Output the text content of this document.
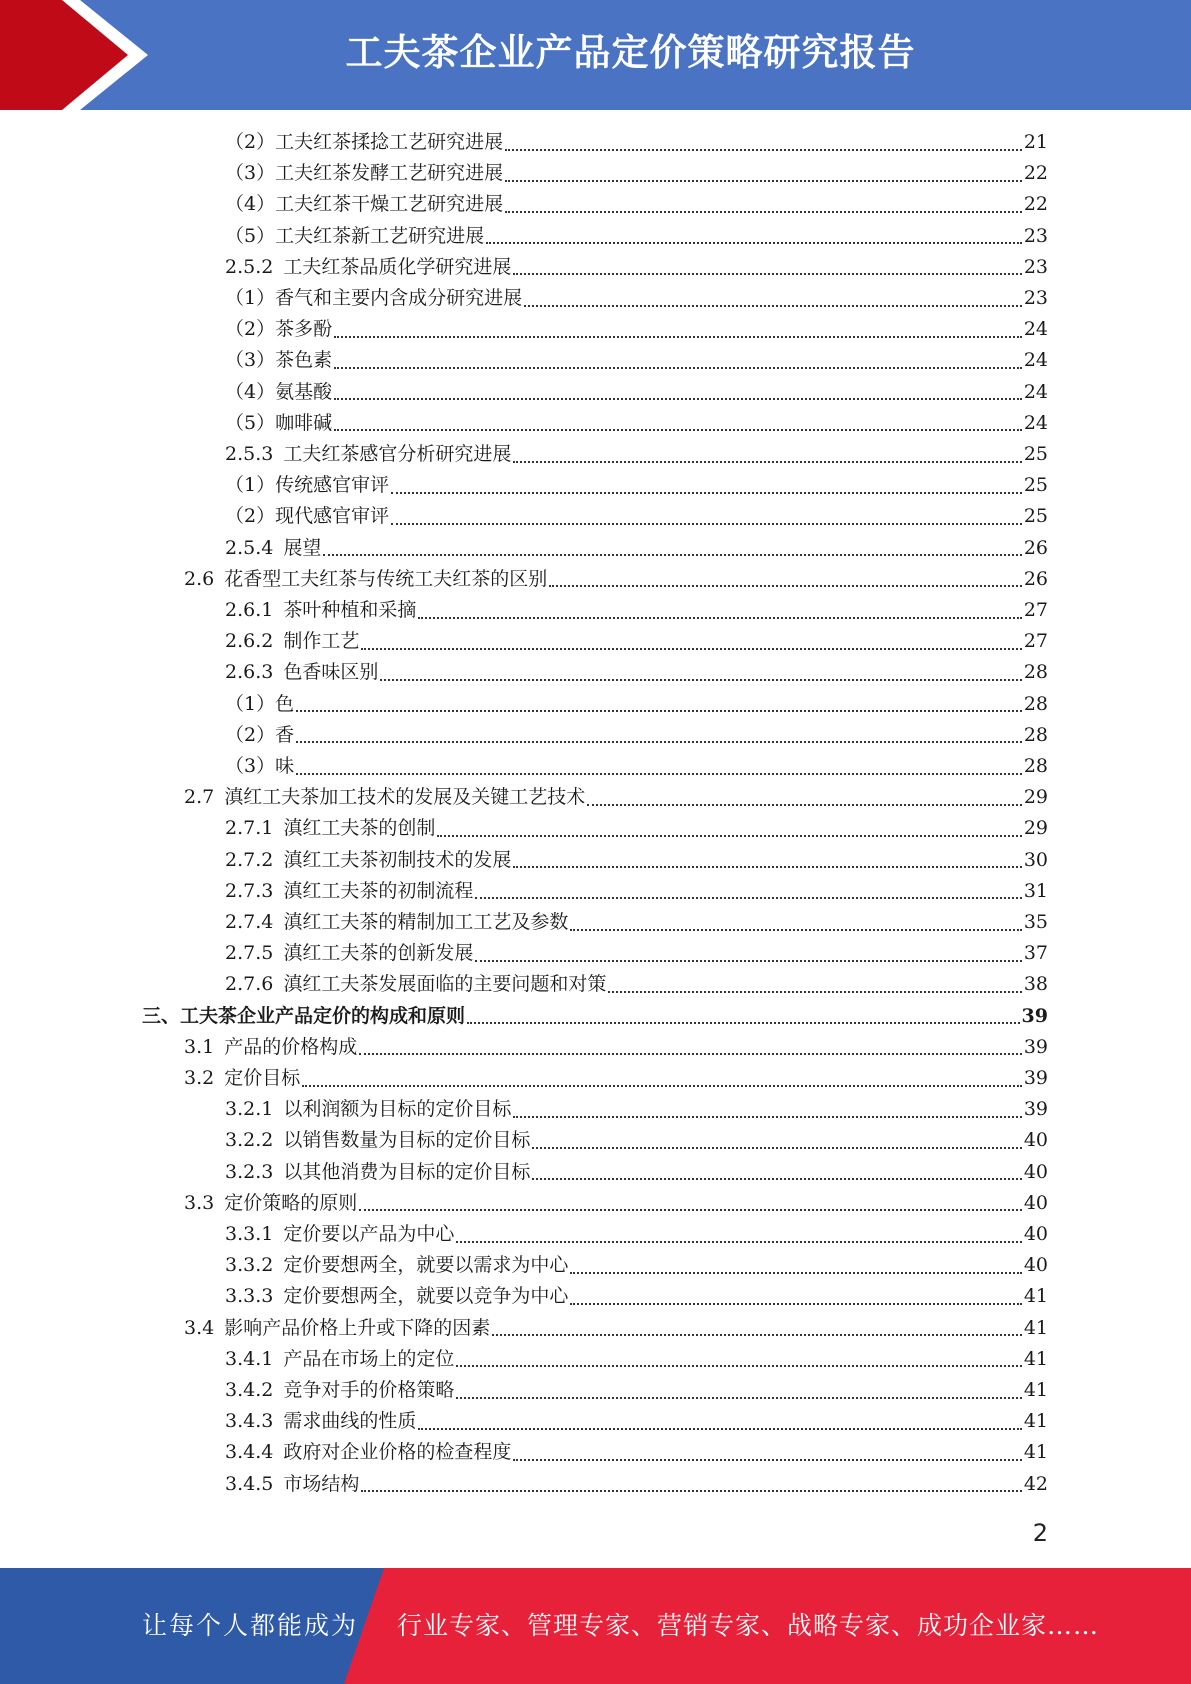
工夫茶企业产品定价策略研究报告
（2） 工夫红茶揉捻工艺研究进展	21
（3） 工夫红茶发酵工艺研究进展	22
（4） 工夫红茶干燥工艺研究进展	22
（5） 工夫红茶新工艺研究进展	23
2.5.2 工夫红茶品质化学研究进展	23
（1） 香气和主要内含成分研究进展	23
（2） 茶多酚	24
（3） 茶色素	24
（4） 氨基酸	24
（5） 咖啡碱	24
2.5.3 工夫红茶感官分析研究进展	25
（1） 传统感官审评	25
（2） 现代感官审评	25
2.5.4 展望	26
2.6 花香型工夫红茶与传统工夫红茶的区别	26
2.6.1 茶叶种植和采摘	27
2.6.2 制作工艺	27
2.6.3 色香味区别	28
（1） 色	28
（2） 香	28
（3） 味	28
2.7 滇红工夫茶加工技术的发展及关键工艺技术	29
2.7.1 滇红工夫茶的创制	29
2.7.2 滇红工夫茶初制技术的发展	30
2.7.3 滇红工夫茶的初制流程	31
2.7.4 滇红工夫茶的精制加工工艺及参数	35
2.7.5 滇红工夫茶的创新发展	37
2.7.6 滇红工夫茶发展面临的主要问题和对策	38
三、 工夫茶企业产品定价的构成和原则	39
3.1 产品的价格构成	39
3.2 定价目标	39
3.2.1 以利润额为目标的定价目标	39
3.2.2 以销售数量为目标的定价目标	40
3.2.3 以其他消费为目标的定价目标	40
3.3 定价策略的原则	40
3.3.1 定价要以产品为中心	40
3.3.2 定价要想两全，就要以需求为中心	40
3.3.3 定价要想两全，就要以竞争为中心	41
3.4 影响产品价格上升或下降的因素	41
3.4.1 产品在市场上的定位	41
3.4.2 竞争对手的价格策略	41
3.4.3 需求曲线的性质	41
3.4.4 政府对企业价格的检查程度	41
3.4.5 市场结构	42
2
让每个人都能成为 行业专家、管理专家、营销专家、战略专家、成功企业家……
